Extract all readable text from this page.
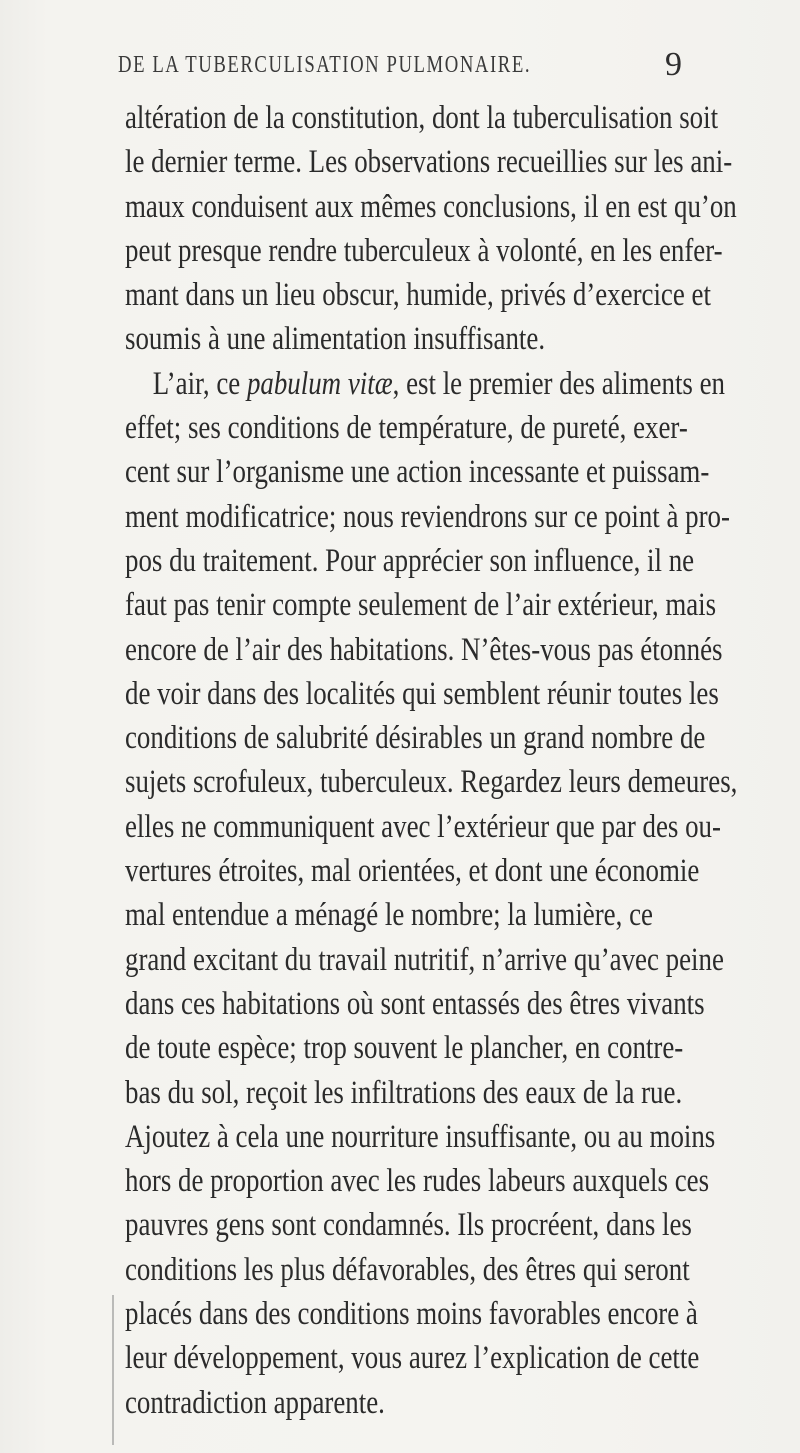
DE LA TUBERCULISATION PULMONAIRE.	9
altération de la constitution, dont la tuberculisation soit
le dernier terme. Les observations recueillies sur les ani-
maux conduisent aux mêmes conclusions, il en est qu’on
peut presque rendre tuberculeux à volonté, en les enfer-
mant dans un lieu obscur, humide, privés d’exercice et
soumis à une alimentation insuffisante.
L’air, ce pabulum vitæ, est le premier des aliments en
effet; ses conditions de température, de pureté, exer-
cent sur l’organisme une action incessante et puissam-
ment modificatrice; nous reviendrons sur ce point à pro-
pos du traitement. Pour apprécier son influence, il ne
faut pas tenir compte seulement de l’air extérieur, mais
encore de l’air des habitations. N’êtes-vous pas étonnés
de voir dans des localités qui semblent réunir toutes les
conditions de salubrité désirables un grand nombre de
sujets scrofuleux, tuberculeux. Regardez leurs demeures,
elles ne communiquent avec l’extérieur que par des ou-
vertures étroites, mal orientées, et dont une économie
mal entendue a ménagé le nombre; la lumière, ce
grand excitant du travail nutritif, n’arrive qu’avec peine
dans ces habitations où sont entassés des êtres vivants
de toute espèce; trop souvent le plancher, en contre-
bas du sol, reçoit les infiltrations des eaux de la rue.
Ajoutez à cela une nourriture insuffisante, ou au moins
hors de proportion avec les rudes labeurs auxquels ces
pauvres gens sont condamnés. Ils procréent, dans les
conditions les plus défavorables, des êtres qui seront
placés dans des conditions moins favorables encore à
leur développement, vous aurez l’explication de cette
contradiction apparente.
